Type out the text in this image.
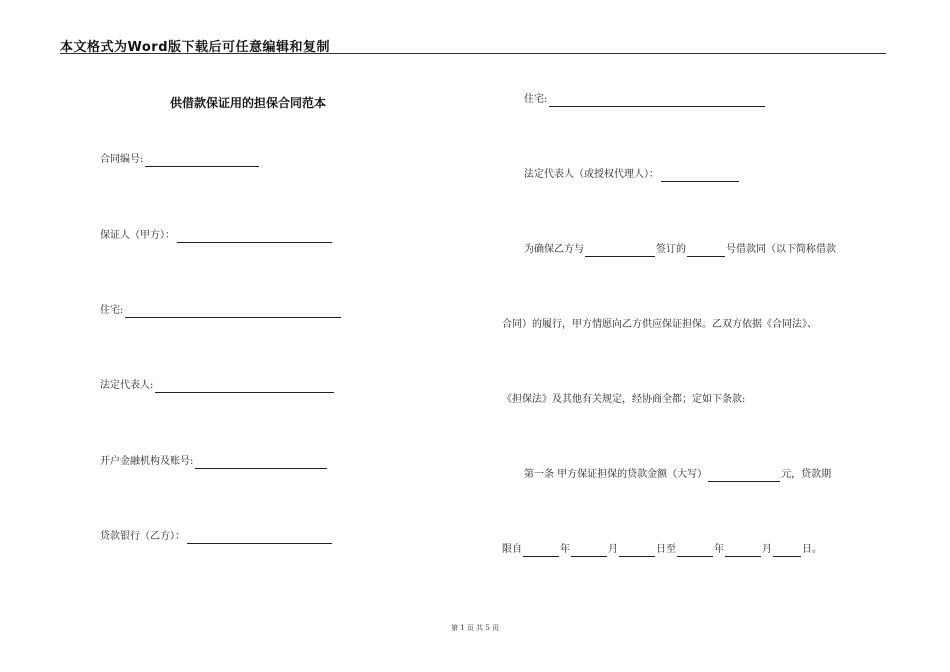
本文格式为Word版下载后可任意编辑和复制
供借款保证用的担保合同范本
合同编号:
保证人（甲方）：
住宅:
法定代表人:
开户金融机构及账号:
贷款银行（乙方）：
住宅:
法定代表人（或授权代理人）：
为确保乙方与	签订的	号借款同（以下简称借款
合同）的履行，甲方情愿向乙方供应保证担保。乙双方依据《合同法》、
《担保法》及其他有关规定，经协商全都；定如下条款:
第一条 甲方保证担保的贷款金额（大写）	元，贷款期
限自	年	月	日至	年	月	日。
第 1 页 共 5 页
